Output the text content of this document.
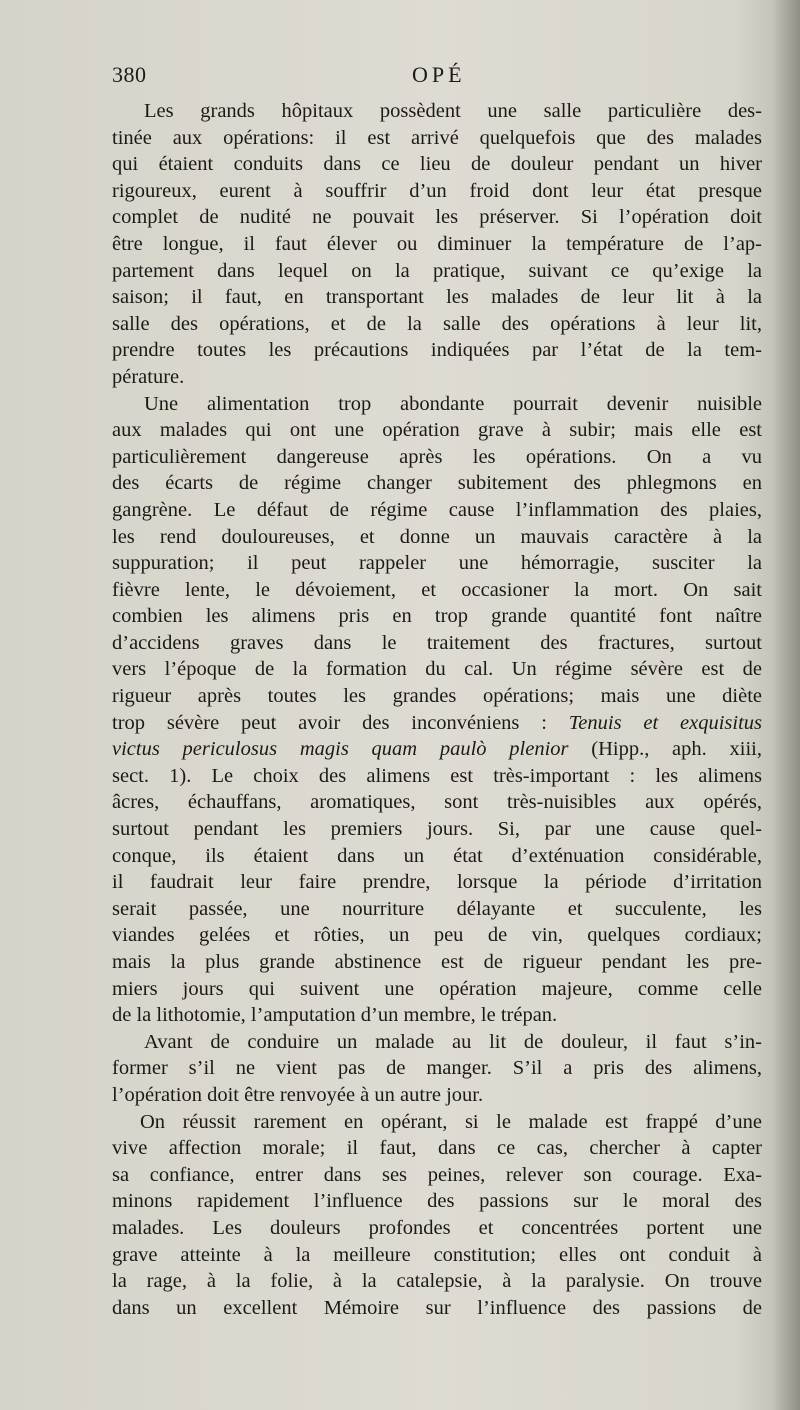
380	OPÉ
Les grands hôpitaux possèdent une salle particulière des-
tinée aux opérations: il est arrivé quelquefois que des malades
qui étaient conduits dans ce lieu de douleur pendant un hiver
rigoureux, eurent à souffrir d’un froid dont leur état presque
complet de nudité ne pouvait les préserver. Si l’opération doit
être longue, il faut élever ou diminuer la température de l’ap-
partement dans lequel on la pratique, suivant ce qu’exige la
saison; il faut, en transportant les malades de leur lit à la
salle des opérations, et de la salle des opérations à leur lit,
prendre toutes les précautions indiquées par l’état de la tem-
pérature.
Une alimentation trop abondante pourrait devenir nuisible
aux malades qui ont une opération grave à subir; mais elle est
particulièrement dangereuse après les opérations. On a vu
des écarts de régime changer subitement des phlegmons en
gangrène. Le défaut de régime cause l’inflammation des plaies,
les rend douloureuses, et donne un mauvais caractère à la
suppuration; il peut rappeler une hémorragie, susciter la
fièvre lente, le dévoiement, et occasioner la mort. On sait
combien les alimens pris en trop grande quantité font naître
d’accidens graves dans le traitement des fractures, surtout
vers l’époque de la formation du cal. Un régime sévère est de
rigueur après toutes les grandes opérations; mais une diète
trop sévère peut avoir des inconvéniens : Tenuis et exquisitus
victus periculosus magis quam paulò plenior (Hipp., aph. xiii,
sect. 1). Le choix des alimens est très-important : les alimens
âcres, échauffans, aromatiques, sont très-nuisibles aux opérés,
surtout pendant les premiers jours. Si, par une cause quel-
conque, ils étaient dans un état d’exténuation considérable,
il faudrait leur faire prendre, lorsque la période d’irritation
serait passée, une nourriture délayante et succulente, les
viandes gelées et rôties, un peu de vin, quelques cordiaux;
mais la plus grande abstinence est de rigueur pendant les pre-
miers jours qui suivent une opération majeure, comme celle
de la lithotomie, l’amputation d’un membre, le trépan.
Avant de conduire un malade au lit de douleur, il faut s’in-
former s’il ne vient pas de manger. S’il a pris des alimens,
l’opération doit être renvoyée à un autre jour.
On réussit rarement en opérant, si le malade est frappé d’une
vive affection morale; il faut, dans ce cas, chercher à capter
sa confiance, entrer dans ses peines, relever son courage. Exa-
minons rapidement l’influence des passions sur le moral des
malades. Les douleurs profondes et concentrées portent une
grave atteinte à la meilleure constitution; elles ont conduit à
la rage, à la folie, à la catalepsie, à la paralysie. On trouve
dans un excellent Mémoire sur l’influence des passions de
